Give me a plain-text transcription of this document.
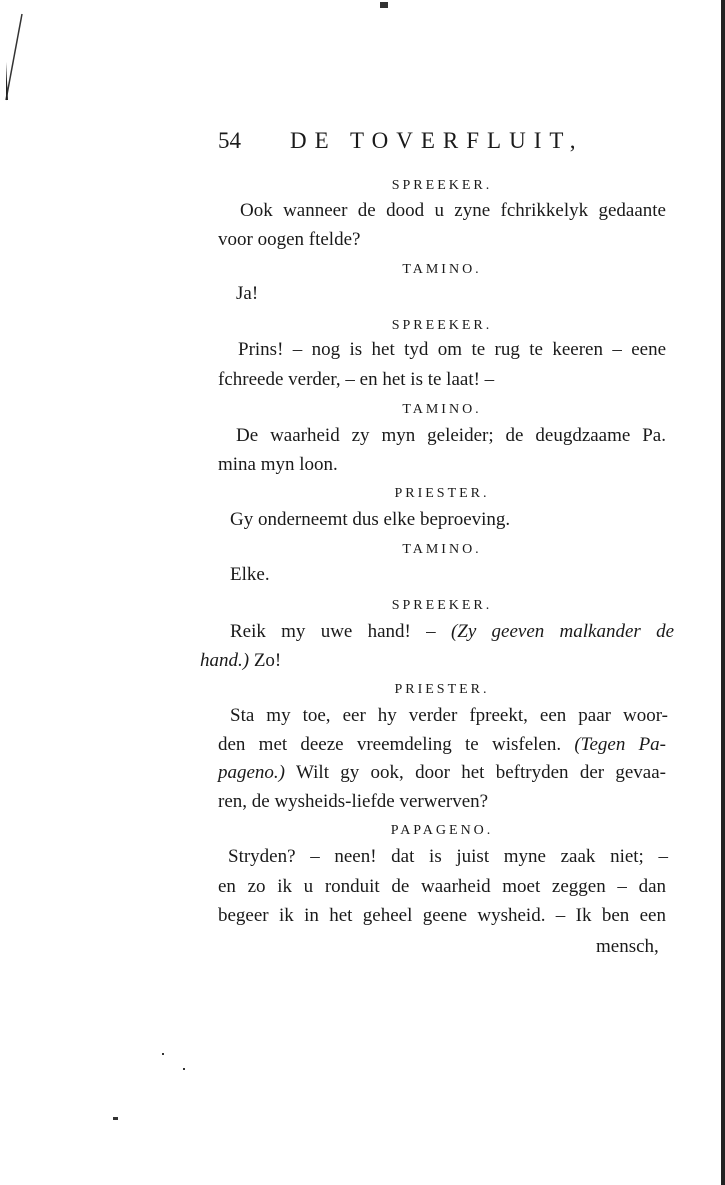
54 DE TOVERFLUIT,
SPREEKER.
Ook wanneer de dood u zyne fchrikkelyk gedaante
voor oogen ftelde?
TAMINO.
Ja!
SPREEKER.
Prins! – nog is het tyd om te rug te keeren – eene
fchreede verder, – en het is te laat! –
TAMINO.
De waarheid zy myn geleider; de deugdzaame Pa.
mina myn loon.
PRIESTER.
Gy onderneemt dus elke beproeving.
TAMINO.
Elke.
SPREEKER.
Reik my uwe hand! – (Zy geeven malkander de
hand.) Zo!
PRIESTER.
Sta my toe, eer hy verder fpreekt, een paar woor-
den met deeze vreemdeling te wisfelen. (Tegen Pa-
pageno.) Wilt gy ook, door het beftryden der gevaa-
ren, de wysheids-liefde verwerven?
PAPAGENO.
Stryden? – neen! dat is juist myne zaak niet; –
en zo ik u ronduit de waarheid moet zeggen – dan
begeer ik in het geheel geene wysheid. – Ik ben een
mensch,
